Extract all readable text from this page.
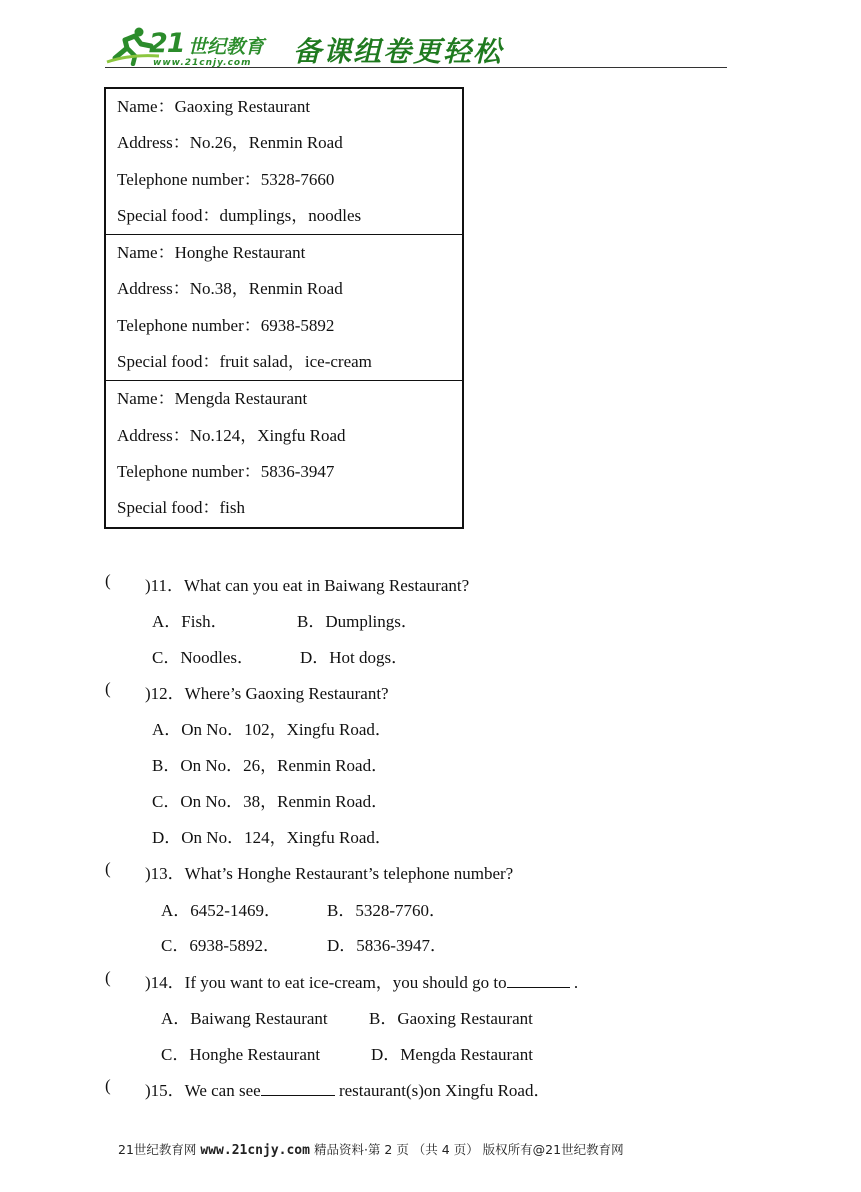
21 世纪教育
www.21cnjy.com 备课组卷更轻松
Name：Gaoxing Restaurant
Address：No.26，Renmin Road
Telephone number：5328-7660
Special food：dumplings，noodles
Name：Honghe Restaurant
Address：No.38，Renmin Road
Telephone number：6938-5892
Special food：fruit salad，ice-cream
Name：Mengda Restaurant
Address：No.124，Xingfu Road
Telephone number：5836-3947
Special food：fish
( )11．What can you eat in Baiwang Restaurant?
A．Fish．	B．Dumplings．
C．Noodles．	D．Hot dogs．
( )12．Where’s Gaoxing Restaurant?
A．On No．102，Xingfu Road．
B．On No．26，Renmin Road．
C．On No．38，Renmin Road．
D．On No．124，Xingfu Road．
( )13．What’s Honghe Restaurant’s telephone number?
A．6452-1469．	B．5328-7760．
C．6938-5892．	D．5836-3947．
( )14．If you want to eat ice-cream，you should go to	.
A．Baiwang Restaurant B．Gaoxing Restaurant
C．Honghe Restaurant	D．Mengda Restaurant
( )15．We can see	restaurant(s)on Xingfu Road．
21世纪教育网 www.21cnjy.com 精品资料·第 2 页 （共 4 页） 版权所有@21世纪教育网
